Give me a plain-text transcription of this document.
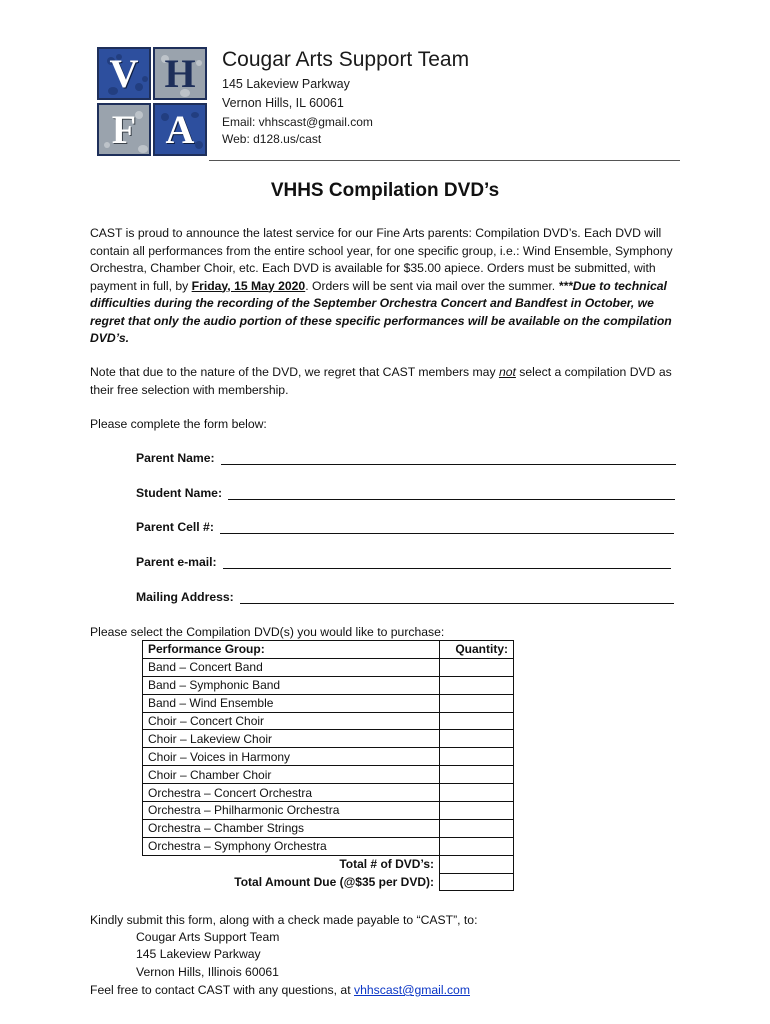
V H
F A
Cougar Arts Support Team
145 Lakeview Parkway
Vernon Hills, IL 60061
Email: vhhscast@gmail.com
Web: d128.us/cast
VHHS Compilation DVD’s
CAST is proud to announce the latest service for our Fine Arts parents: Compilation DVD’s. Each DVD will contain all performances from the entire school year, for one specific group, i.e.: Wind Ensemble, Symphony Orchestra, Chamber Choir, etc. Each DVD is available for $35.00 apiece. Orders must be submitted, with payment in full, by Friday, 15 May 2020. Orders will be sent via mail over the summer. ***Due to technical difficulties during the recording of the September Orchestra Concert and Bandfest in October, we regret that only the audio portion of these specific performances will be available on the compilation DVD’s.
Note that due to the nature of the DVD, we regret that CAST members may not select a compilation DVD as their free selection with membership.
Please complete the form below:
Parent Name:
Student Name:
Parent Cell #:
Parent e-mail:
Mailing Address:
Please select the Compilation DVD(s) you would like to purchase:
Performance Group:	Quantity:
Band – Concert Band	
Band – Symphonic Band	
Band – Wind Ensemble	
Choir – Concert Choir	
Choir – Lakeview Choir	
Choir – Voices in Harmony	
Choir – Chamber Choir	
Orchestra – Concert Orchestra	
Orchestra – Philharmonic Orchestra	
Orchestra – Chamber Strings	
Orchestra – Symphony Orchestra	
Total # of DVD’s:	
Total Amount Due (@$35 per DVD):	
Kindly submit this form, along with a check made payable to “CAST”, to:
Cougar Arts Support Team
145 Lakeview Parkway
Vernon Hills, Illinois 60061
Feel free to contact CAST with any questions, at vhhscast@gmail.com
